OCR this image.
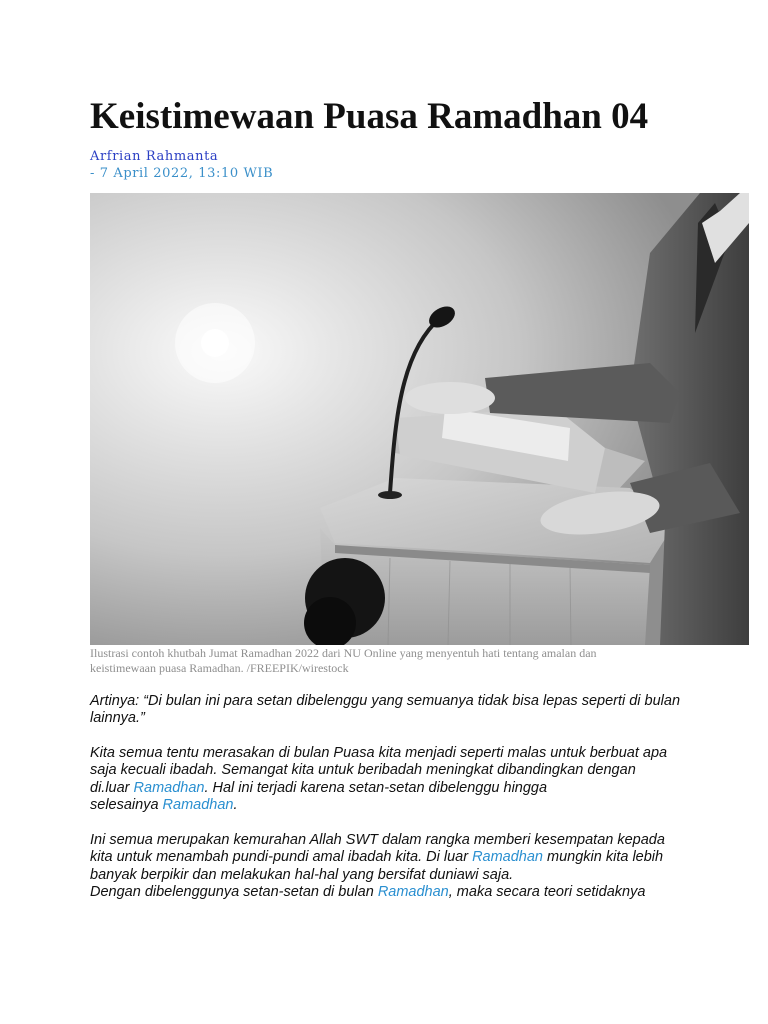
Keistimewaan Puasa Ramadhan 04
Arfrian Rahmanta
- 7 April 2022, 13:10 WIB
Ilustrasi contoh khutbah Jumat Ramadhan 2022 dari NU Online yang menyentuh hati tentang amalan dan keistimewaan puasa Ramadhan. /FREEPIK/wirestock
Artinya: “Di bulan ini para setan dibelenggu yang semuanya tidak bisa lepas seperti di bulan
lainnya.”
Kita semua tentu merasakan di bulan Puasa kita menjadi seperti malas untuk berbuat apa
saja kecuali ibadah. Semangat kita untuk beribadah meningkat dibandingkan dengan
di.luar Ramadhan. Hal ini terjadi karena setan-setan dibelenggu hingga
selesainya Ramadhan.
Ini semua merupakan kemurahan Allah SWT dalam rangka memberi kesempatan kepada
kita untuk menambah pundi-pundi amal ibadah kita. Di luar Ramadhan mungkin kita lebih
banyak berpikir dan melakukan hal-hal yang bersifat duniawi saja.
Dengan dibelenggunya setan-setan di bulan Ramadhan, maka secara teori setidaknya
